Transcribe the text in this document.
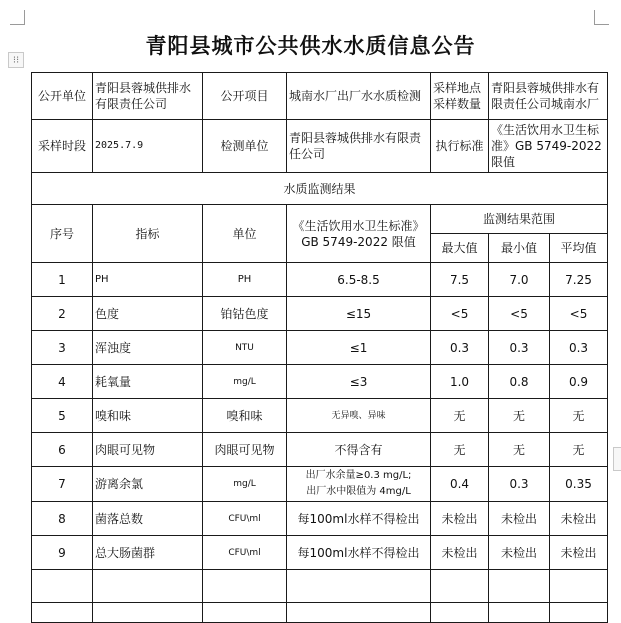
⁝⁝
青阳县城市公共供水水质信息公告
公开单位	青阳县蓉城供排水有限责任公司	公开项目	城南水厂出厂水水质检测	采样地点采样数量	青阳县蓉城供排水有限责任公司城南水厂	
采样时段	2025.7.9	检测单位	青阳县蓉城供排水有限责任公司	执行标准	《生活饮用水卫生标准》GB 5749-2022 限值	
水质监测结果						
序号	指标	单位	《生活饮用水卫生标准》GB 5749-2022 限值	监测结果范围		
				最大值	最小值	平均值
1	PH	PH	6.5-8.5	7.5	7.0	7.25
2	色度	铂钴色度	≤15	<5	<5	<5
3	浑浊度	NTU	≤1	0.3	0.3	0.3
4	耗氧量	mg/L	≤3	1.0	0.8	0.9
5	嗅和味	嗅和味	无异嗅、异味	无	无	无
6	肉眼可见物	肉眼可见物	不得含有	无	无	无
7	游离余氯	mg/L	出厂水余量≥0.3 mg/L;
出厂水中限值为 4mg/L	0.4	0.3	0.35
8	菌落总数	CFU\ml	每100ml水样不得检出	未检出	未检出	未检出
9	总大肠菌群	CFU\ml	每100ml水样不得检出	未检出	未检出	未检出
